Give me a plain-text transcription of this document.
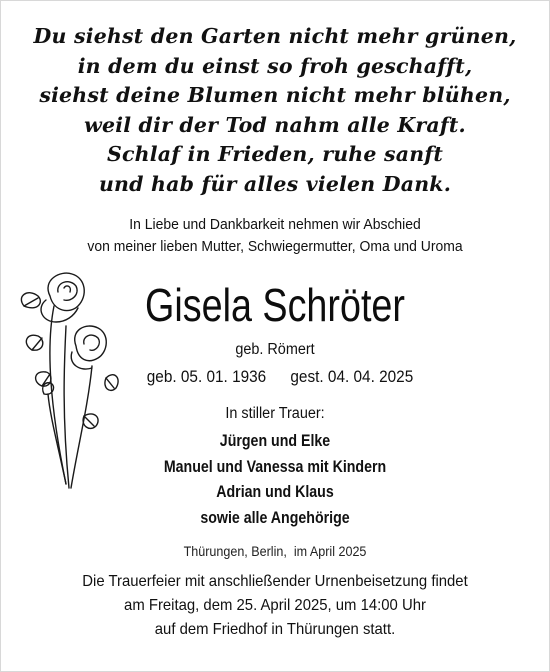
Du siehst den Garten nicht mehr grünen,
in dem du einst so froh geschafft,
siehst deine Blumen nicht mehr blühen,
weil dir der Tod nahm alle Kraft.
Schlaf in Frieden, ruhe sanft
und hab für alles vielen Dank.
In Liebe und Dankbarkeit nehmen wir Abschied
von meiner lieben Mutter, Schwiegermutter, Oma und Uroma
Gisela Schröter
geb. Römert
geb. 05. 01. 1936 gest. 04. 04. 2025
In stiller Trauer:
Jürgen und Elke
Manuel und Vanessa mit Kindern
Adrian und Klaus
sowie alle Angehörige
Thürungen, Berlin,  im April 2025
Die Trauerfeier mit anschließender Urnenbeisetzung findet
am Freitag, dem 25. April 2025, um 14:00 Uhr
auf dem Friedhof in Thürungen statt.
